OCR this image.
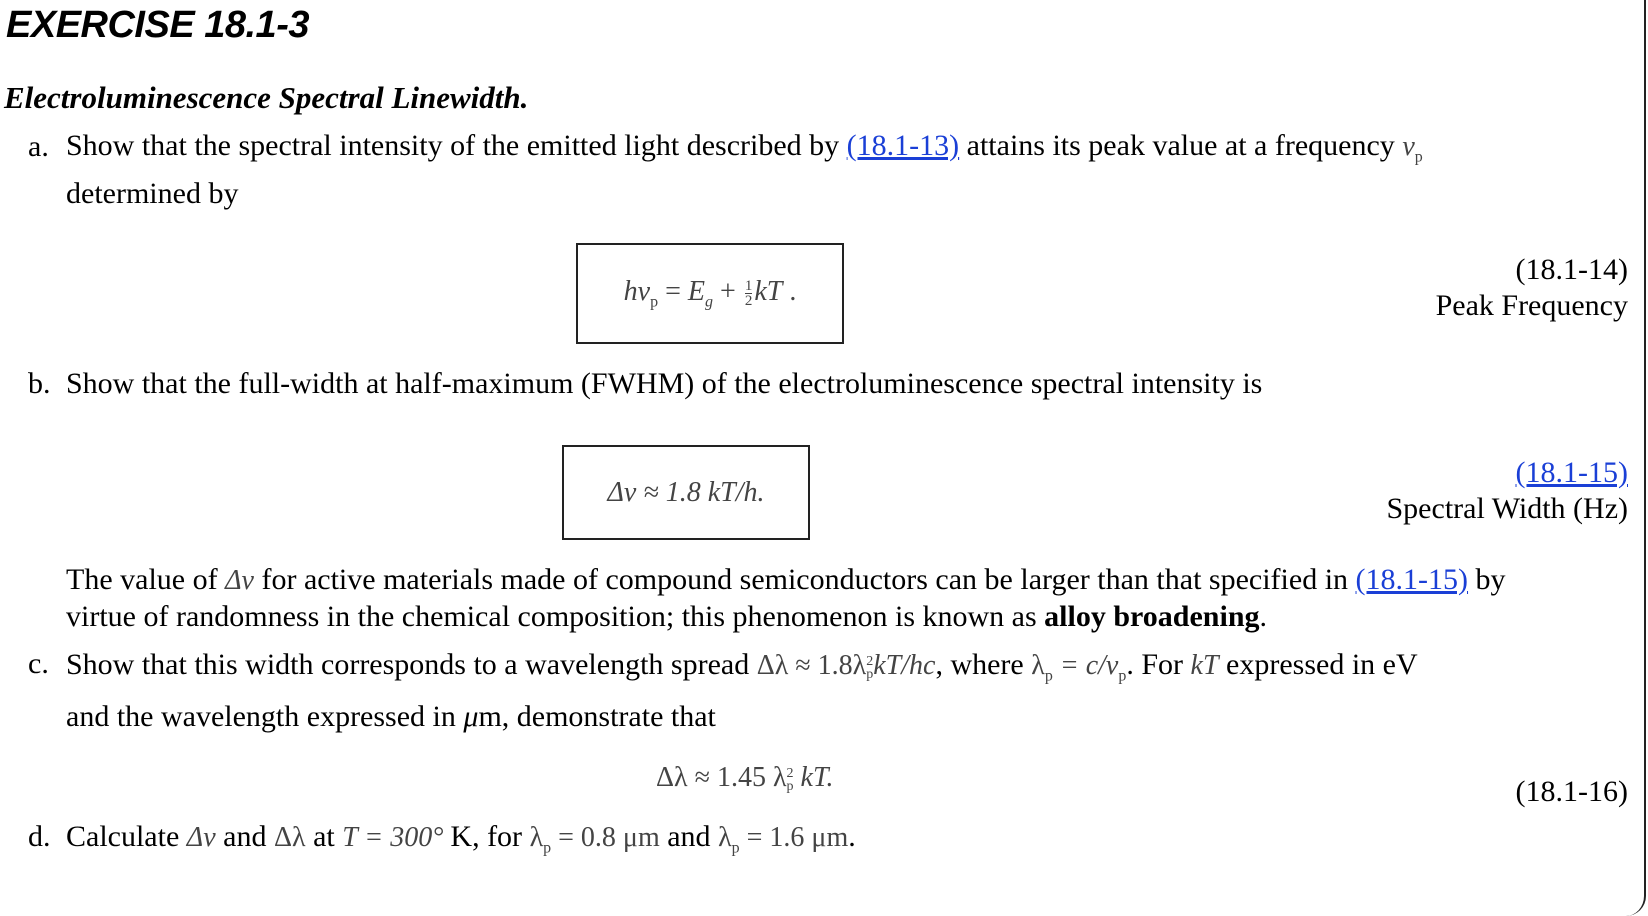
EXERCISE 18.1-3
Electroluminescence Spectral Linewidth.
a. Show that the spectral intensity of the emitted light described by (18.1-13) attains its peak value at a frequency $\nu_p$
determined by
$h\nu_p = E_g + \frac{1}{2}$ kT .
(18.1-14)
Peak Frequency
b. Show that the full-width at half-maximum (FWHM) of the electroluminescence spectral intensity is
Δν ≈ 1.8 kT/h.
(18.1-15)
Spectral Width (Hz)
The value of Δν for active materials made of compound semiconductors can be larger than that specified in (18.1-15) by
virtue of randomness in the chemical composition; this phenomenon is known as alloy broadening.
c. Show that this width corresponds to a wavelength spread Δλ ≈ 1.8λ 2
p kT/hc, where $\lambda_p = c/\nu_p$. For kT expressed in eV
and the wavelength expressed in μm, demonstrate that
Δλ ≈ 1.45 λ 2
p kT.	(18.1-16)
d. Calculate Δν and Δλ at T = 300° K, for $\lambda_p = 0.8$ μm and $\lambda_p = 1.6$ μm.
